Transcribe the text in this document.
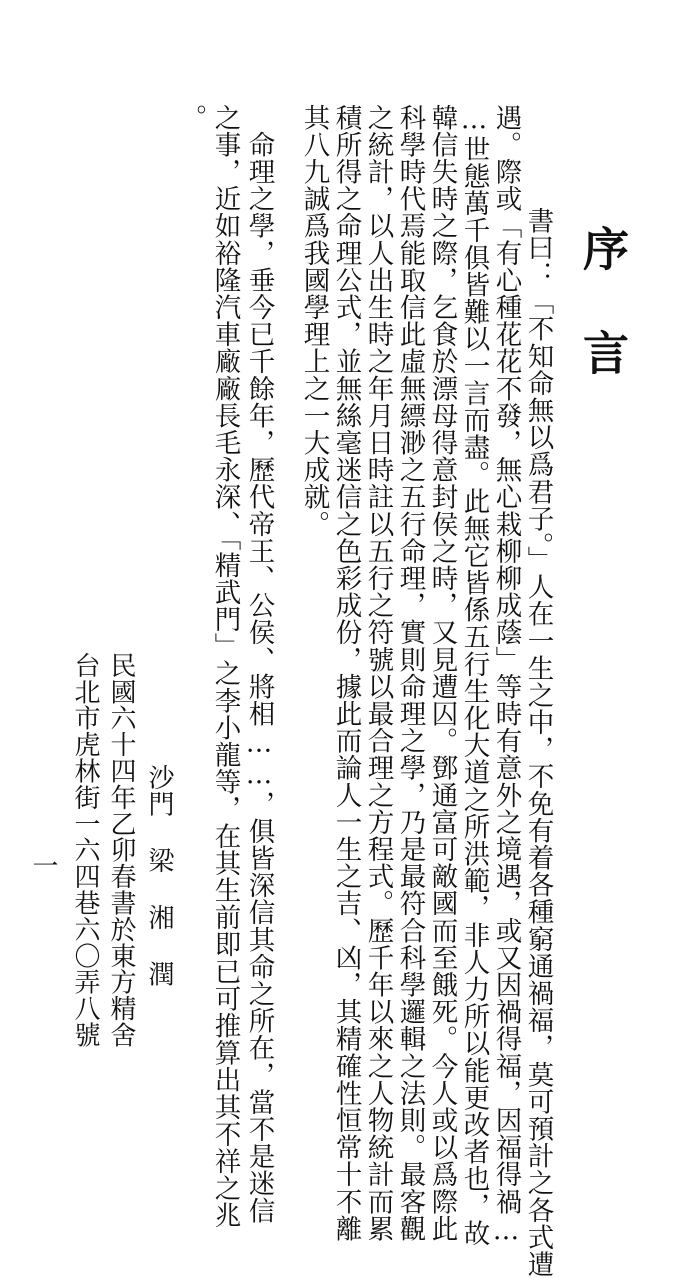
序言
書曰：「不知命無以爲君子。」人在一生之中，不免有着各種窮通禍福，莫可預計之各式遭
遇。際或「有心種花花不發，無心栽柳柳成蔭」等時有意外之境遇，或又因禍得福，因福得禍…
…世態萬千俱皆難以一言而盡。此無它皆係五行生化大道之所洪範，非人力所以能更改者也，故
韓信失時之際，乞食於漂母得意封侯之時，又見遭囚。鄧通富可敵國而至餓死。今人或以爲際此
科學時代焉能取信此虛無縹渺之五行命理，實則命理之學，乃是最符合科學邏輯之法則。最客觀
之統計，以人出生時之年月日時註以五行之符號以最合理之方程式。歷千年以來之人物統計而累
積所得之命理公式，並無絲毫迷信之色彩成份，據此而論人一生之吉、凶，其精確性恒常十不離
其八九誠爲我國學理上之一大成就。
　命理之學，垂今已千餘年，歷代帝王、公侯、將相……，俱皆深信其命之所在，當不是迷信
之事，近如裕隆汽車廠廠長毛永深、「精武門」之李小龍等，在其生前即已可推算出其不祥之兆
。
沙門 梁 湘 潤
民國六十四年乙卯春書於東方精舍
台北市虎林街一六四巷六〇弄八號
一
